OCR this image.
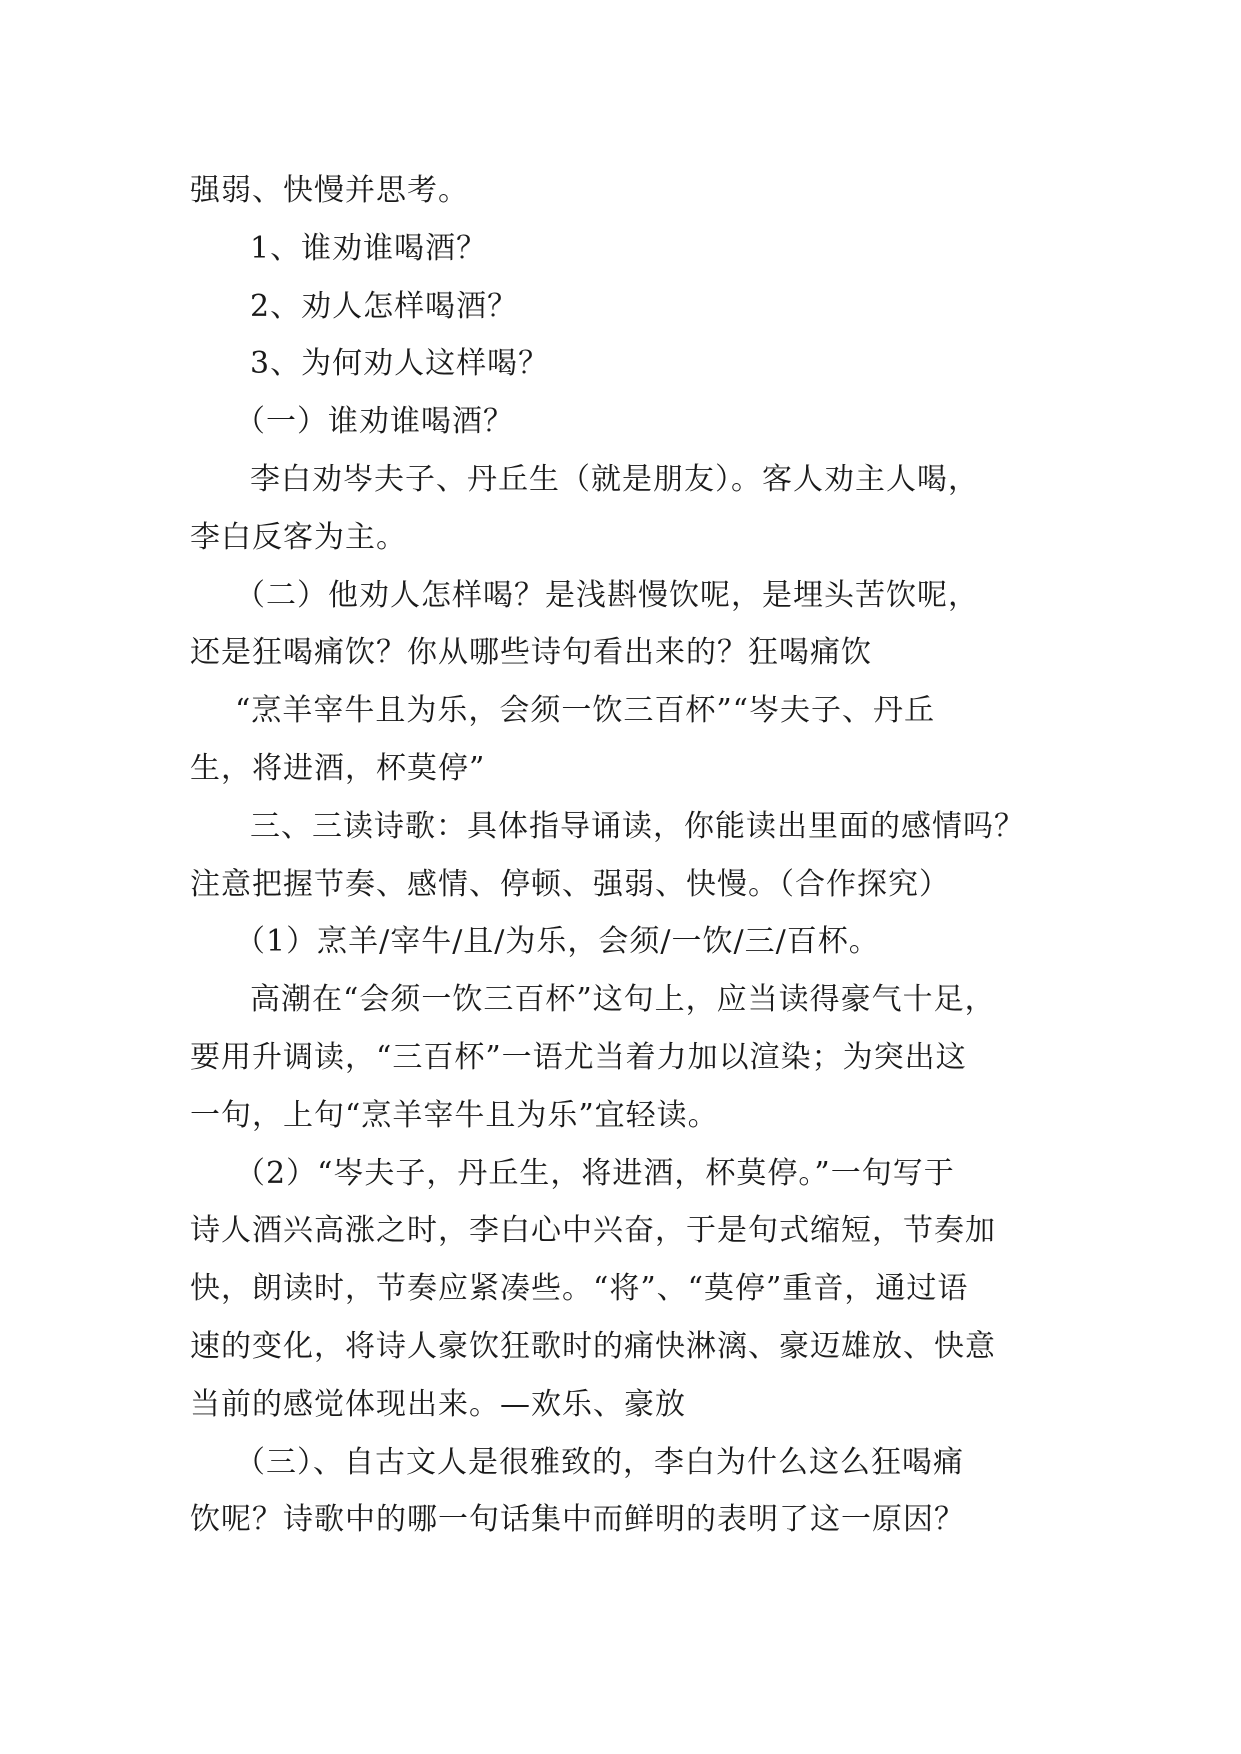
强弱、快慢并思考。

1、谁劝谁喝酒？

2、劝人怎样喝酒？

3、为何劝人这样喝？

（一）谁劝谁喝酒？

李白劝岑夫子、丹丘生（就是朋友）。客人劝主人喝，

李白反客为主。

（二）他劝人怎样喝？是浅斟慢饮呢，是埋头苦饮呢，

还是狂喝痛饮？你从哪些诗句看出来的？狂喝痛饮

“烹羊宰牛且为乐，会须一饮三百杯”“岑夫子、丹丘

生，将进酒，杯莫停”

三、三读诗歌：具体指导诵读，你能读出里面的感情吗？

注意把握节奏、感情、停顿、强弱、快慢。（合作探究）

（1）烹羊/宰牛/且/为乐，会须/一饮/三/百杯。

高潮在“会须一饮三百杯”这句上，应当读得豪气十足，

要用升调读，“三百杯”一语尤当着力加以渲染；为突出这

一句，上句“烹羊宰牛且为乐”宜轻读。

（2）“岑夫子，丹丘生，将进酒，杯莫停。”一句写于

诗人酒兴高涨之时，李白心中兴奋，于是句式缩短，节奏加

快，朗读时，节奏应紧凑些。“将”、“莫停”重音，通过语

速的变化，将诗人豪饮狂歌时的痛快淋漓、豪迈雄放、快意

当前的感觉体现出来。—欢乐、豪放

（三）、自古文人是很雅致的，李白为什么这么狂喝痛

饮呢？诗歌中的哪一句话集中而鲜明的表明了这一原因？
